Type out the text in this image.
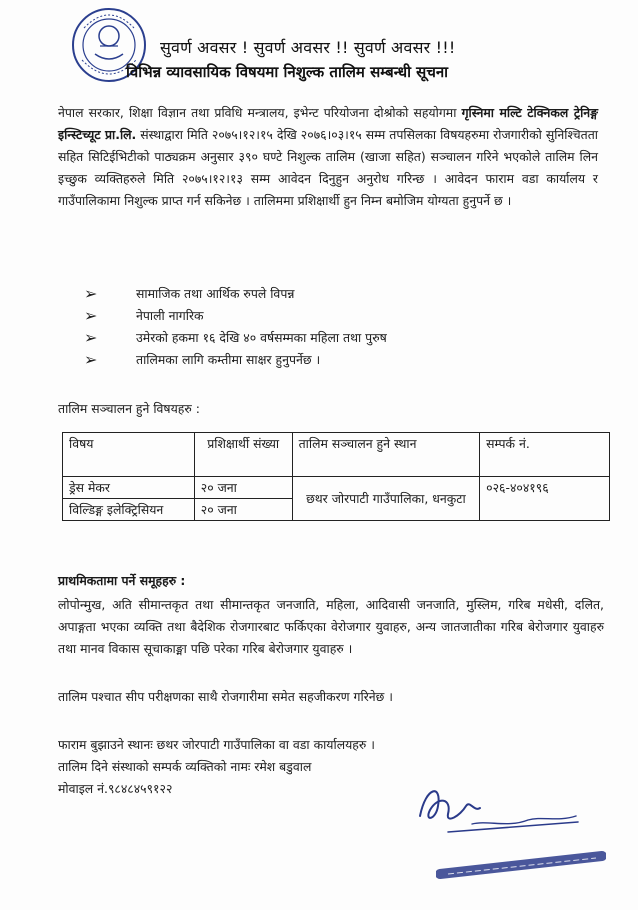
सुवर्ण अवसर ! सुवर्ण अवसर !! सुवर्ण अवसर !!!
विभिन्न व्यावसायिक विषयमा निशुल्क तालिम सम्बन्धी सूचना
नेपाल सरकार, शिक्षा विज्ञान तथा प्रविधि मन्त्रालय, इभेन्ट परियोजना दोश्रोको सहयोगमा गृस्निमा मल्टि टेक्निकल ट्रेनिङ्ग इन्स्टिच्यूट प्रा.लि. संस्थाद्वारा मिति २०७५।१२।१५ देखि २०७६।०३।१५ सम्म तपसिलका विषयहरुमा रोजगारीको सुनिश्चितता सहित सिटिईभिटीको पाठ्यक्रम अनुसार ३९० घण्टे निशुल्क तालिम (खाजा सहित) सञ्चालन गरिने भएकोले तालिम लिन इच्छुक व्यक्तिहरुले मिति २०७५।१२।१३ सम्म आवेदन दिनुहुन अनुरोध गरिन्छ । आवेदन फाराम वडा कार्यालय र गाउँपालिकामा निशुल्क प्राप्त गर्न सकिनेछ । तालिममा प्रशिक्षार्थी हुन निम्न बमोजिम योग्यता हुनुपर्ने छ ।
➢	सामाजिक तथा आर्थिक रुपले विपन्न
➢	नेपाली नागरिक
➢	उमेरको हकमा १६ देखि ४० वर्षसम्मका महिला तथा पुरुष
➢	तालिमका लागि कम्तीमा साक्षर हुनुपर्नेछ ।
तालिम सञ्चालन हुने विषयहरु :
विषय	प्रशिक्षार्थी संख्या	तालिम सञ्चालन हुने स्थान	सम्पर्क नं.
ड्रेस मेकर	२० जना	छथर जोरपाटी गाउँपालिका, धनकुटा	०२६-४०४१९६
विल्डिङ्ग इलेक्ट्रिसियन	२० जना		
प्राथमिकतामा पर्ने समूहहरु :
लोपोन्मुख, अति सीमान्तकृत तथा सीमान्तकृत जनजाति, महिला, आदिवासी जनजाति, मुस्लिम, गरिब मधेसी, दलित, अपाङ्गता भएका व्यक्ति तथा बैदेशिक रोजगारबाट फर्किएका वेरोजगार युवाहरु, अन्य जातजातीका गरिब बेरोजगार युवाहरु तथा मानव विकास सूचाकाङ्मा पछि परेका गरिब बेरोजगार युवाहरु ।
तालिम पश्चात सीप परीक्षणका साथै रोजगारीमा समेत सहजीकरण गरिनेछ ।
फाराम बुझाउने स्थानः छथर जोरपाटी गाउँपालिका वा वडा कार्यालयहरु ।
तालिम दिने संस्थाको सम्पर्क व्यक्तिको नामः रमेश बडुवाल
मोवाइल नं.९८४८४५९१२२
